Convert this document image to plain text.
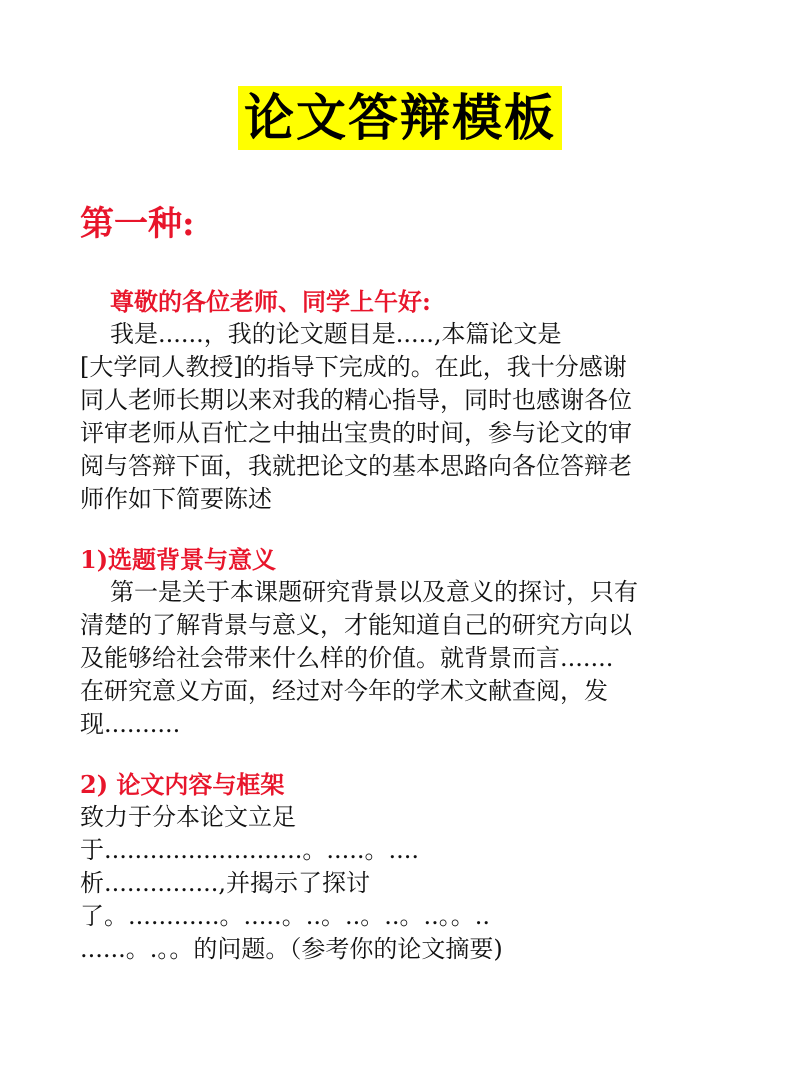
论文答辩模板
第一种:

尊敬的各位老师、同学上午好:

我是......，我的论文题目是.....,本篇论文是

[大学同人教授]的指导下完成的。在此，我十分感谢

同人老师长期以来对我的精心指导，同时也感谢各位

评审老师从百忙之中抽出宝贵的时间，参与论文的审

阅与答辩下面，我就把论文的基本思路向各位答辩老

师作如下简要陈述

1)选题背景与意义

第一是关于本课题研究背景以及意义的探讨，只有

清楚的了解背景与意义，才能知道自己的研究方向以

及能够给社会带来什么样的价值。就背景而言.......

在研究意义方面，经过对今年的学术文献查阅，发

现..........

2) 论文内容与框架

致力于分本论文立足

于..........................。.....。....

析...............,并揭示了探讨

了。............。.....。..。..。..。..。。..

......。.。。的问题。（参考你的论文摘要)
